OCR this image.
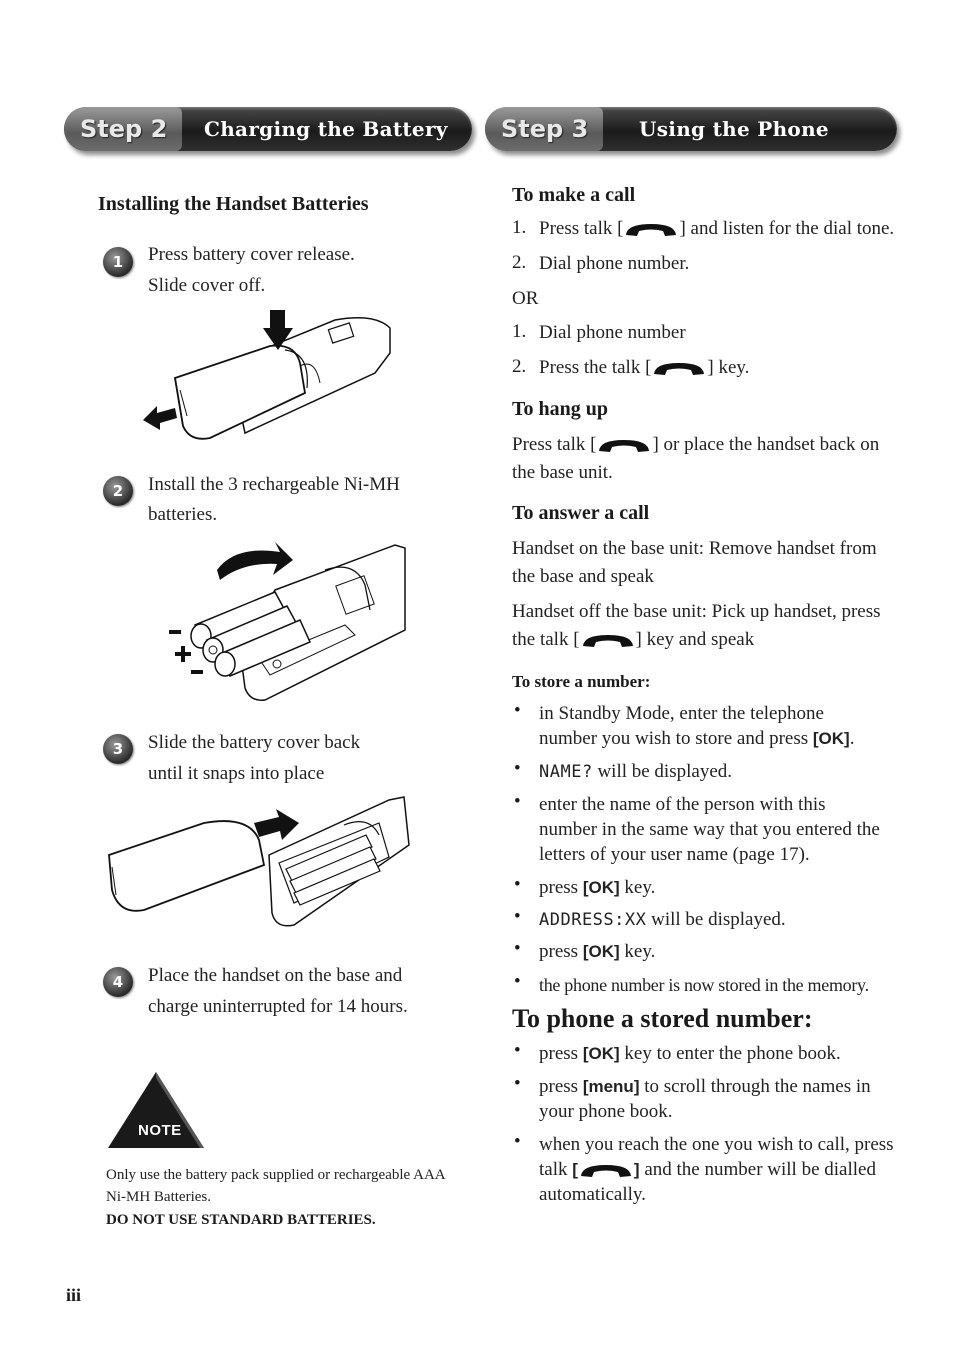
Step 2	Charging the Battery	Step 3	Using the Phone
Installing the Handset Batteries
1	Press battery cover release.
Slide cover off.
2	Install the 3 rechargeable Ni-MH
batteries.
3	Slide the battery cover back
until it snaps into place
4	Place the handset on the base and
charge uninterrupted for 14 hours.
NOTE
Only use the battery pack supplied or rechargeable AAA
Ni-MH Batteries.
DO NOT USE STANDARD BATTERIES.
iii
To make a call
1. Press talk [	] and listen for the dial tone.
2. Dial phone number.
OR
1. Dial phone number
2. Press the talk [	] key.
To hang up
Press talk [	] or place the handset back on
the base unit.
To answer a call
Handset on the base unit: Remove handset from
the base and speak
Handset off the base unit: Pick up handset, press
the talk [	] key and speak
To store a number:
• in Standby Mode, enter the telephone
number you wish to store and press [OK].
• NAME? will be displayed.
• enter the name of the person with this
number in the same way that you entered the
letters of your user name (page 17).
• press [OK] key.
• ADDRESS:XX will be displayed.
• press [OK] key.
• the phone number is now stored in the memory.
To phone a stored number:
• press [OK] key to enter the phone book.
• press [menu] to scroll through the names in
your phone book.
• when you reach the one you wish to call, press
talk [	] and the number will be dialled
automatically.
